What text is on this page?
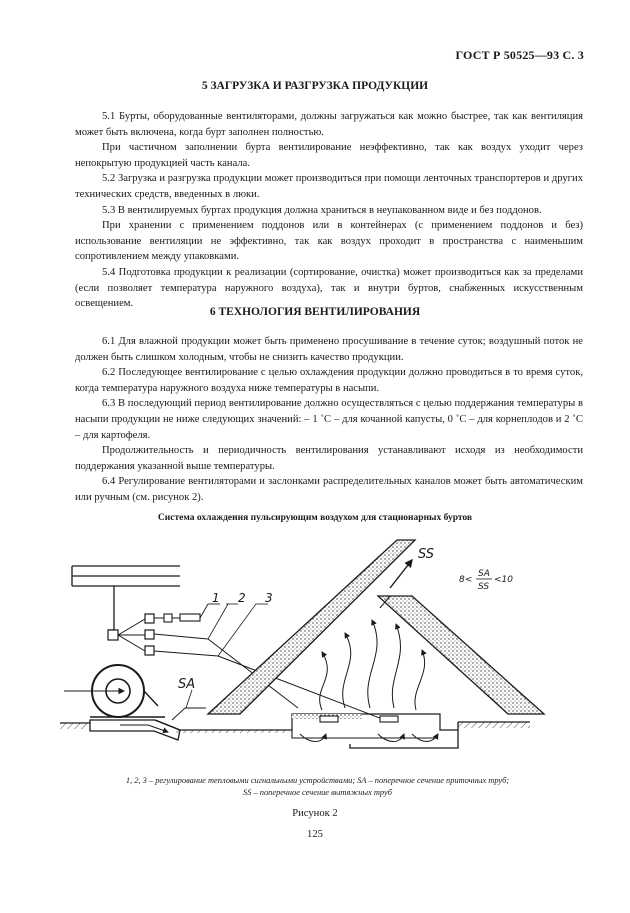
ГОСТ Р 50525—93 С. 3
5 ЗАГРУЗКА И РАЗГРУЗКА ПРОДУКЦИИ

5.1 Бурты, оборудованные вентиляторами, должны загружаться как можно быстрее, так как вентиляция может быть включена, когда бурт заполнен полностью.

При частичном заполнении бурта вентилирование неэффективно, так как воздух уходит через непокрытую продукцией часть канала.

5.2 Загрузка и разгрузка продукции может производиться при помощи ленточных транспортеров и других технических средств, введенных в люки.

5.3 В вентилируемых буртах продукция должна храниться в неупакованном виде и без поддонов.

При хранении с применением поддонов или в контейнерах (с применением поддонов и без) использование вентиляции не эффективно, так как воздух проходит в пространства с наименьшим сопротивлением между упаковками.

5.4 Подготовка продукции к реализации (сортирование, очистка) может производиться как за пределами (если позволяет температура наружного воздуха), так и внутри буртов, снабженных искусственным освещением.

6 ТЕХНОЛОГИЯ ВЕНТИЛИРОВАНИЯ

6.1 Для влажной продукции может быть применено просушивание в течение суток; воздушный поток не должен быть слишком холодным, чтобы не снизить качество продукции.

6.2 Последующее вентилирование с целью охлаждения продукции должно проводиться в то время суток, когда температура наружного воздуха ниже температуры в насыпи.

6.3 В последующий период вентилирование должно осуществляться с целью поддержания температуры в насыпи продукции не ниже следующих значений: – 1 ˚С – для кочанной капусты, 0 ˚С – для корнеплодов и 2 ˚С – для картофеля.

Продолжительность и периодичность вентилирования устанавливают исходя из необходимости поддержания указанной выше температуры.

6.4 Регулирование вентиляторами и заслонками распределительных каналов может быть автоматическим или ручным (см. рисунок 2).

Система охлаждения пульсирующим воздухом для стационарных буртов
1 2 3
SA
SS
8<
SA
SS
<10
1, 2, 3 – регулирование тепловыми сигнальными устройствами; SA – поперечное сечение приточных труб;
SS – поперечное сечение вытяжных труб
Рисунок 2
125
